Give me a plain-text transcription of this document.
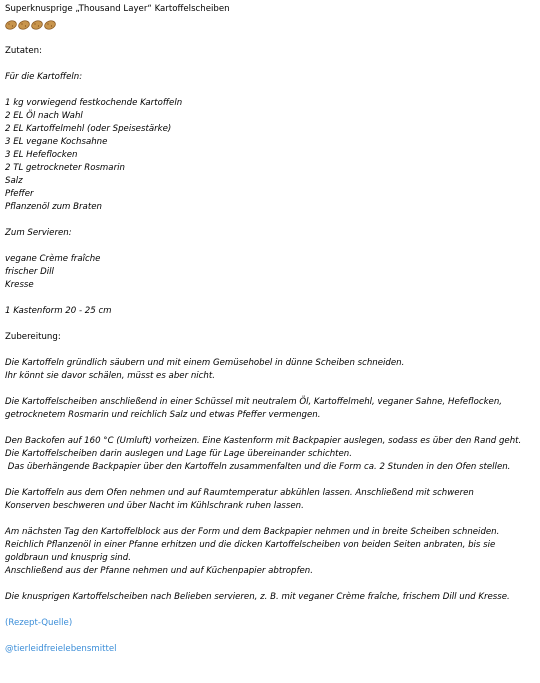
Superknusprige „Thousand Layer“ Kartoffelscheiben
Zutaten:
Für die Kartoffeln:
1 kg vorwiegend festkochende Kartoffeln
2 EL Öl nach Wahl
2 EL Kartoffelmehl (oder Speisestärke)
3 EL vegane Kochsahne
3 EL Hefeflocken
2 TL getrockneter Rosmarin
Salz
Pfeffer
Pflanzenöl zum Braten
Zum Servieren:
vegane Crème fraîche
frischer Dill
Kresse
1 Kastenform 20 - 25 cm
Zubereitung:
Die Kartoffeln gründlich säubern und mit einem Gemüsehobel in dünne Scheiben schneiden.
Ihr könnt sie davor schälen, müsst es aber nicht.
Die Kartoffelscheiben anschließend in einer Schüssel mit neutralem Öl, Kartoffelmehl, veganer Sahne, Hefeflocken,
getrocknetem Rosmarin und reichlich Salz und etwas Pfeffer vermengen.
Den Backofen auf 160 °C (Umluft) vorheizen. Eine Kastenform mit Backpapier auslegen, sodass es über den Rand geht.
Die Kartoffelscheiben darin auslegen und Lage für Lage übereinander schichten.
Das überhängende Backpapier über den Kartoffeln zusammenfalten und die Form ca. 2 Stunden in den Ofen stellen.
Die Kartoffeln aus dem Ofen nehmen und auf Raumtemperatur abkühlen lassen. Anschließend mit schweren
Konserven beschweren und über Nacht im Kühlschrank ruhen lassen.
Am nächsten Tag den Kartoffelblock aus der Form und dem Backpapier nehmen und in breite Scheiben schneiden.
Reichlich Pflanzenöl in einer Pfanne erhitzen und die dicken Kartoffelscheiben von beiden Seiten anbraten, bis sie
goldbraun und knusprig sind.
Anschließend aus der Pfanne nehmen und auf Küchenpapier abtropfen.
Die knusprigen Kartoffelscheiben nach Belieben servieren, z. B. mit veganer Crème fraîche, frischem Dill und Kresse.
(Rezept-Quelle)
@tierleidfreielebensmittel
